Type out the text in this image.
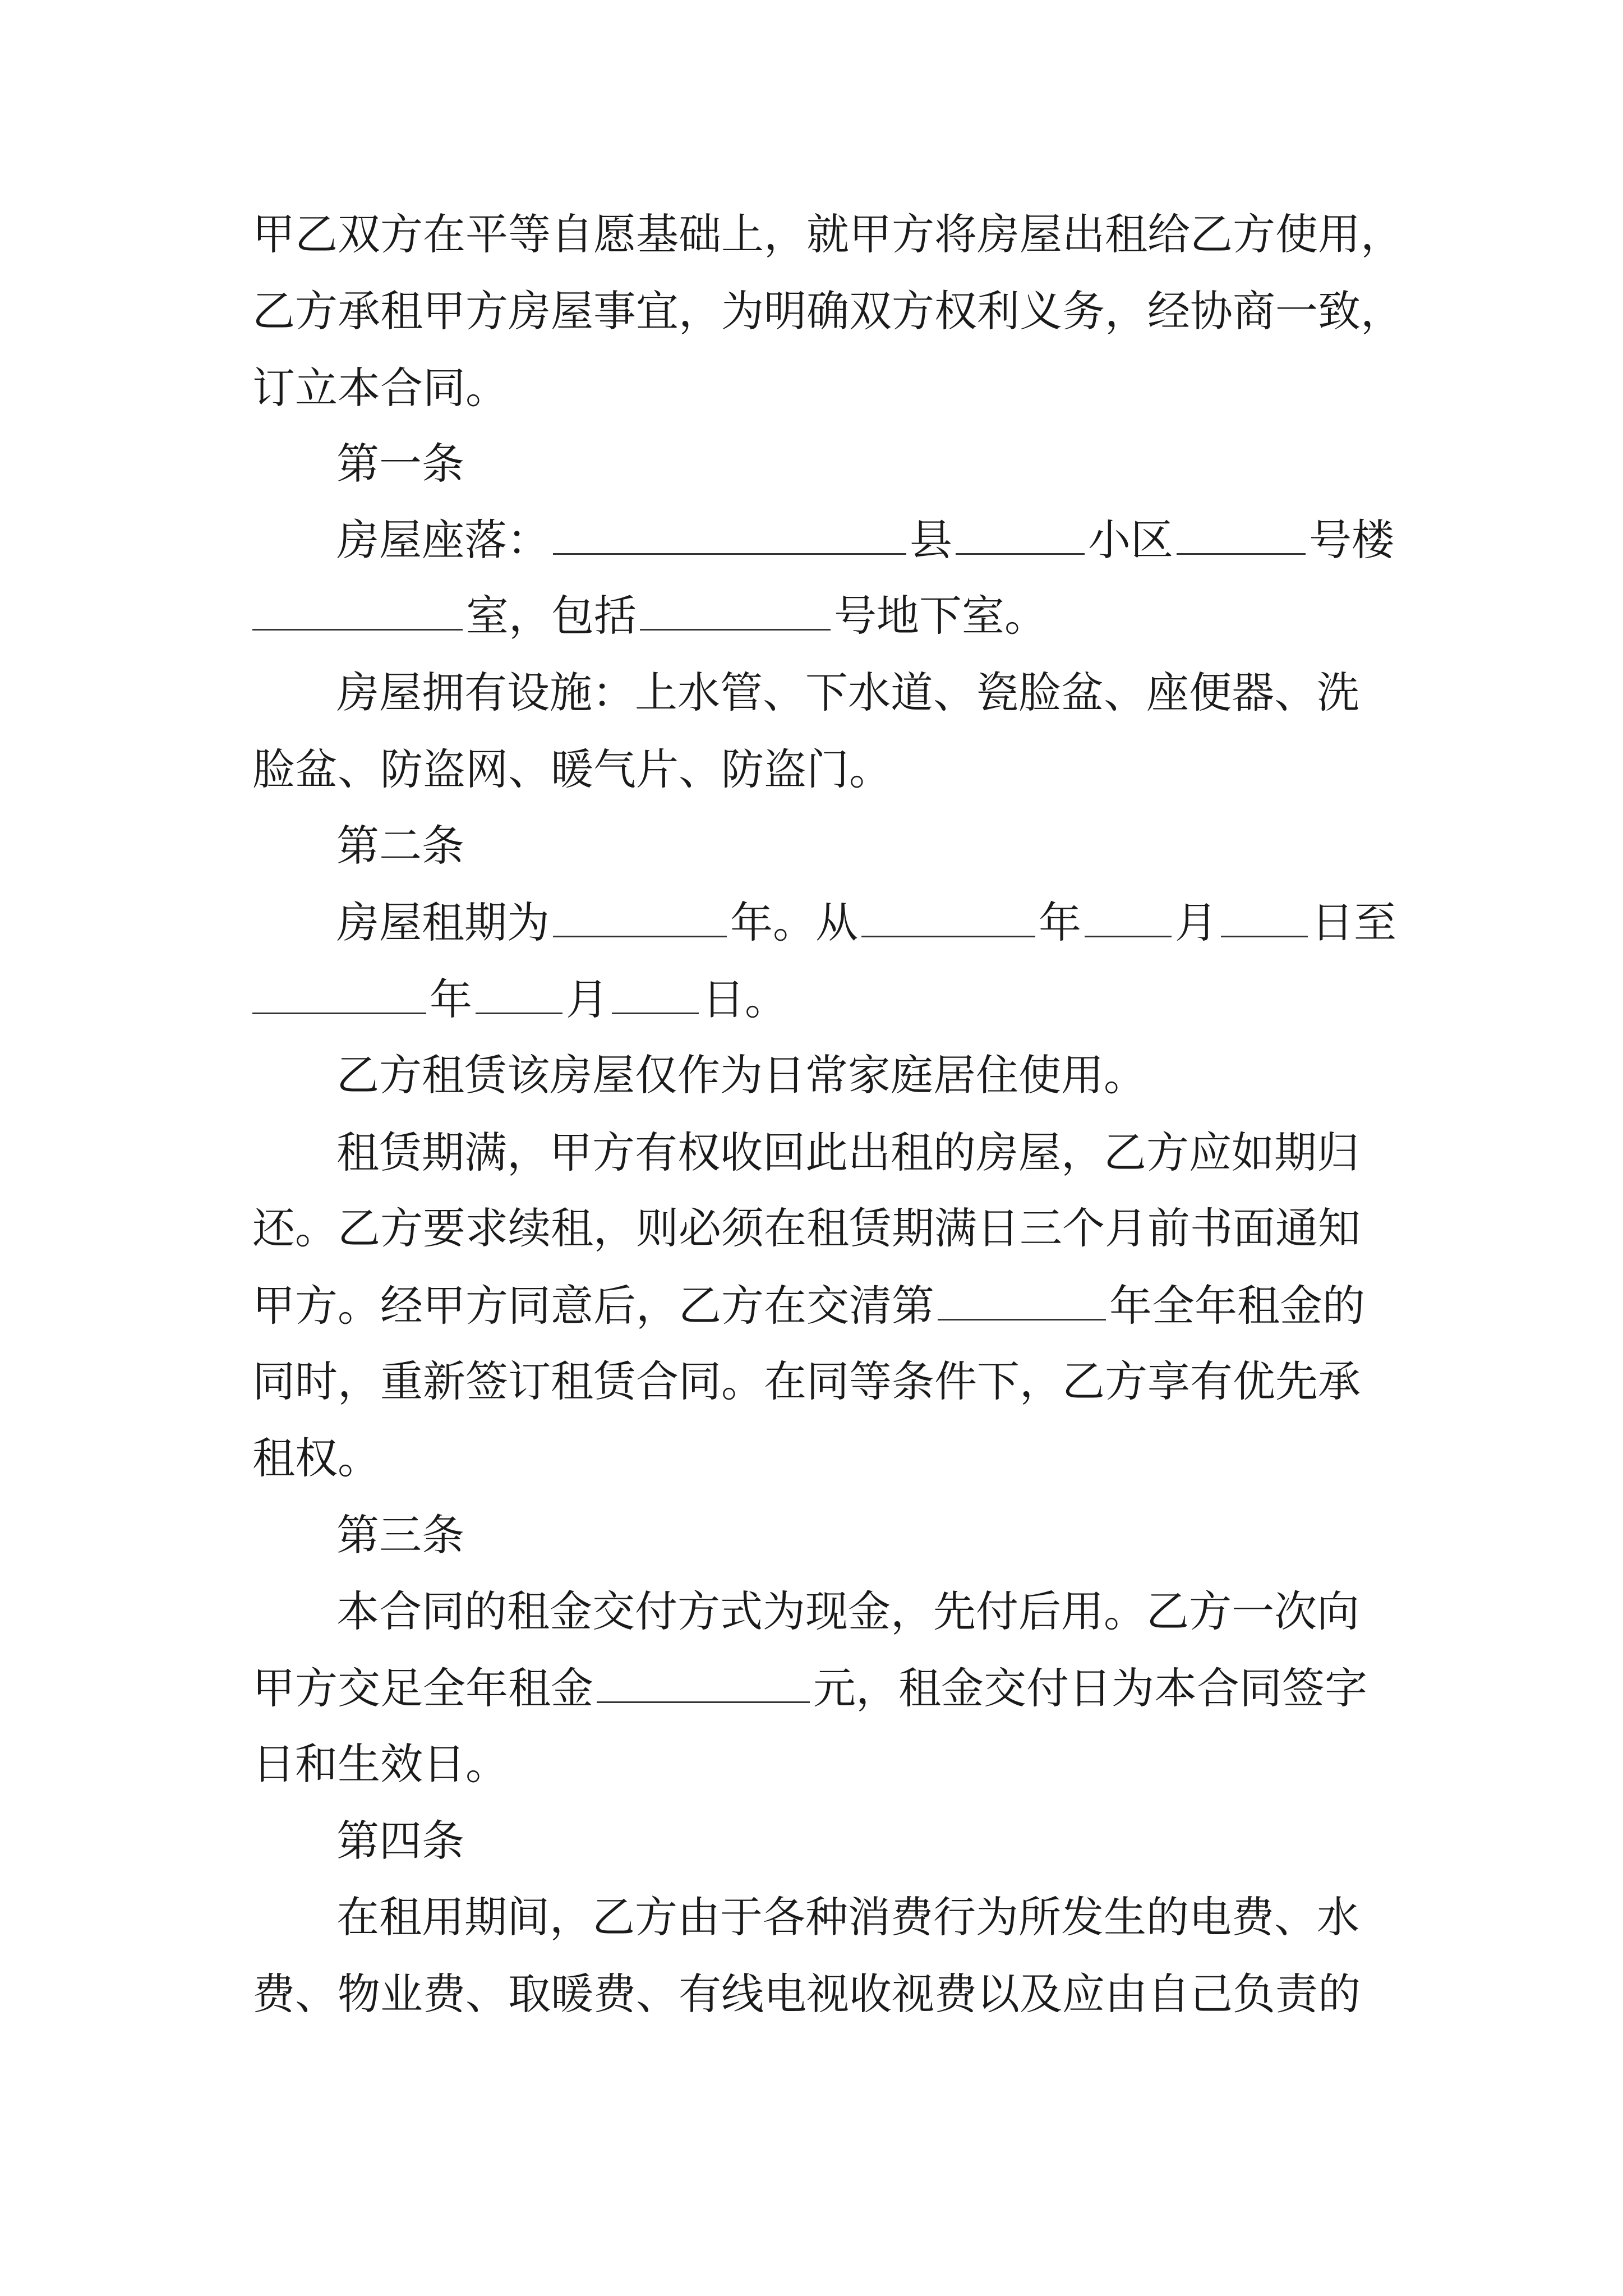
甲乙双方在平等自愿基础上，就甲方将房屋出租给乙方使用，
乙方承租甲方房屋事宜，为明确双方权利义务，经协商一致，
订立本合同。
第一条
房屋座落：	县	小区	号楼
室，包括	号地下室。
房屋拥有设施：上水管、下水道、瓷脸盆、座便器、洗
脸盆、防盗网、暖气片、防盗门。
第二条
房屋租期为	年。从	年 月 日至
年 月 日。
乙方租赁该房屋仅作为日常家庭居住使用。
租赁期满，甲方有权收回此出租的房屋，乙方应如期归
还。乙方要求续租，则必须在租赁期满日三个月前书面通知
甲方。经甲方同意后，乙方在交清第	年全年租金的
同时，重新签订租赁合同。在同等条件下，乙方享有优先承
租权。
第三条
本合同的租金交付方式为现金，先付后用。乙方一次向
甲方交足全年租金	元，租金交付日为本合同签字
日和生效日。
第四条
在租用期间，乙方由于各种消费行为所发生的电费、水
费、物业费、取暖费、有线电视收视费以及应由自己负责的
